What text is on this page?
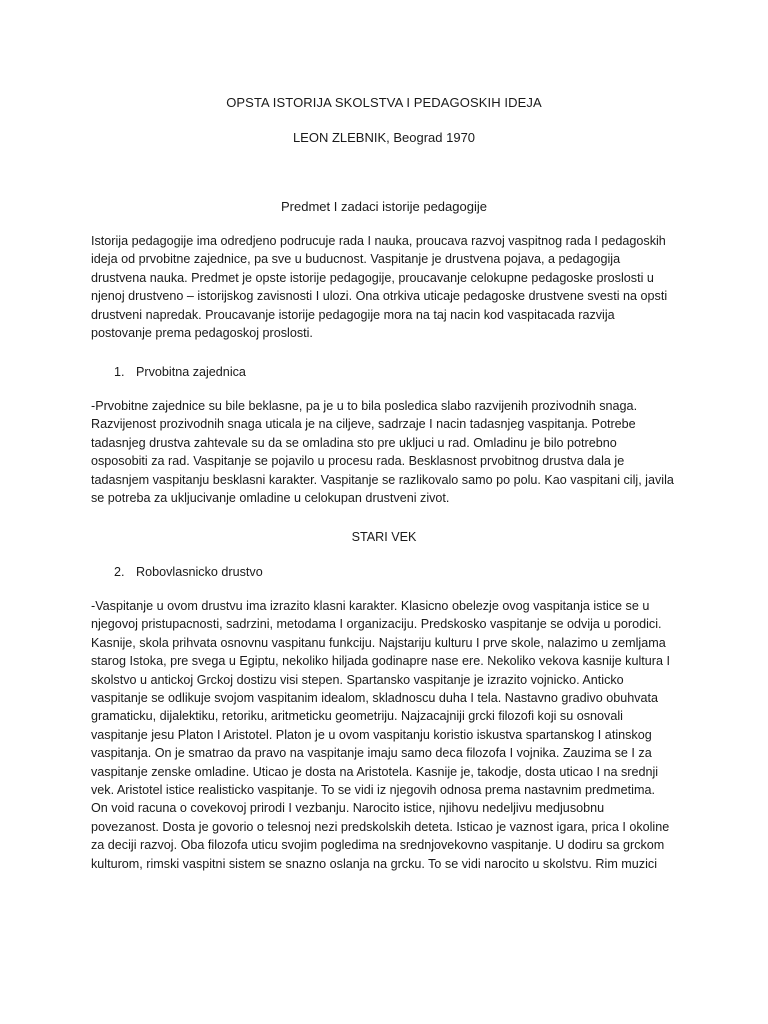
OPSTA ISTORIJA SKOLSTVA I PEDAGOSKIH IDEJA
LEON ZLEBNIK, Beograd 1970
Predmet I zadaci istorije pedagogije

Istorija pedagogije ima odredjeno podrucuje rada I nauka, proucava razvoj vaspitnog rada I pedagoskih
ideja od prvobitne zajednice, pa sve u buducnost. Vaspitanje je drustvena pojava, a pedagogija
drustvena nauka. Predmet je opste istorije pedagogije, proucavanje celokupne pedagoske proslosti u
njenoj drustveno – istorijskog zavisnosti I ulozi. Ona otrkiva uticaje pedagoske drustvene svesti na opsti
drustveni napredak. Proucavanje istorije pedagogije mora na taj nacin kod vaspitacada razvija
postovanje prema pedagoskoj proslosti.

1. Prvobitna zajednica

-Prvobitne zajednice su bile beklasne, pa je u to bila posledica slabo razvijenih prozivodnih snaga.
Razvijenost prozivodnih snaga uticala je na ciljeve, sadrzaje I nacin tadasnjeg vaspitanja. Potrebe
tadasnjeg drustva zahtevale su da se omladina sto pre ukljuci u rad. Omladinu je bilo potrebno
osposobiti za rad. Vaspitanje se pojavilo u procesu rada. Besklasnost prvobitnog drustva dala je
tadasnjem vaspitanju besklasni karakter. Vaspitanje se razlikovalo samo po polu. Kao vaspitani cilj, javila
se potreba za ukljucivanje omladine u celokupan drustveni zivot.

STARI VEK
2. Robovlasnicko drustvo

-Vaspitanje u ovom drustvu ima izrazito klasni karakter. Klasicno obelezje ovog vaspitanja istice se u
njegovoj pristupacnosti, sadrzini, metodama I organizaciju. Predskosko vaspitanje se odvija u porodici.
Kasnije, skola prihvata osnovnu vaspitanu funkciju. Najstariju kulturu I prve skole, nalazimo u zemljama
starog Istoka, pre svega u Egiptu, nekoliko hiljada godinapre nase ere. Nekoliko vekova kasnije kultura I
skolstvo u antickoj Grckoj dostizu visi stepen. Spartansko vaspitanje je izrazito vojnicko. Anticko
vaspitanje se odlikuje svojom vaspitanim idealom, skladnoscu duha I tela. Nastavno gradivo obuhvata
gramaticku, dijalektiku, retoriku, aritmeticku geometriju. Najzacajniji grcki filozofi koji su osnovali
vaspitanje jesu Platon I Aristotel. Platon je u ovom vaspitanju koristio iskustva spartanskog I atinskog
vaspitanja. On je smatrao da pravo na vaspitanje imaju samo deca filozofa I vojnika. Zauzima se I za
vaspitanje zenske omladine. Uticao je dosta na Aristotela. Kasnije je, takodje, dosta uticao I na srednji
vek. Aristotel istice realisticko vaspitanje. To se vidi iz njegovih odnosa prema nastavnim predmetima.
On void racuna o covekovoj prirodi I vezbanju. Narocito istice, njihovu nedeljivu medjusobnu
povezanost. Dosta je govorio o telesnoj nezi predskolskih deteta. Isticao je vaznost igara, prica I okoline
za deciji razvoj. Oba filozofa uticu svojim pogledima na srednjovekovno vaspitanje. U dodiru sa grckom
kulturom, rimski vaspitni sistem se snazno oslanja na grcku. To se vidi narocito u skolstvu. Rim muzici
